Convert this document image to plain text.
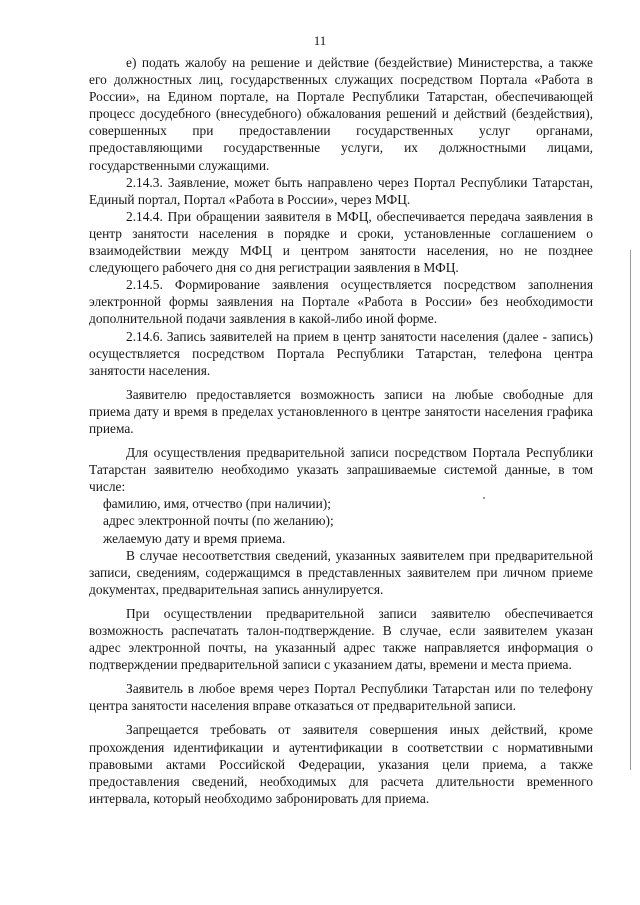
11

е) подать жалобу на решение и действие (бездействие) Министерства, а также его должностных лиц, государственных служащих посредством Портала «Работа в России», на Едином портале, на Портале Республики Татарстан, обеспечивающей процесс досудебного (внесудебного) обжалования решений и действий (бездействия), совершенных при предоставлении государственных услуг органами, предоставляющими государственные услуги, их должностными лицами, государственными служащими.

2.14.3. Заявление, может быть направлено через Портал Республики Татарстан, Единый портал, Портал «Работа в России», через МФЦ.

2.14.4. При обращении заявителя в МФЦ, обеспечивается передача заявления в центр занятости населения в порядке и сроки, установленные соглашением о взаимодействии между МФЦ и центром занятости населения, но не позднее следующего рабочего дня со дня регистрации заявления в МФЦ.

2.14.5. Формирование заявления осуществляется посредством заполнения электронной формы заявления на Портале «Работа в России» без необходимости дополнительной подачи заявления в какой-либо иной форме.

2.14.6. Запись заявителей на прием в центр занятости населения (далее - запись) осуществляется посредством Портала Республики Татарстан, телефона центра занятости населения.

Заявителю предоставляется возможность записи на любые свободные для приема дату и время в пределах установленного в центре занятости населения графика приема.

Для осуществления предварительной записи посредством Портала Республики Татарстан заявителю необходимо указать запрашиваемые системой данные, в том числе:

фамилию, имя, отчество (при наличии);

адрес электронной почты (по желанию);

желаемую дату и время приема.

В случае несоответствия сведений, указанных заявителем при предварительной записи, сведениям, содержащимся в представленных заявителем при личном приеме документах, предварительная запись аннулируется.

При осуществлении предварительной записи заявителю обеспечивается возможность распечатать талон-подтверждение. В случае, если заявителем указан адрес электронной почты, на указанный адрес также направляется информация о подтверждении предварительной записи с указанием даты, времени и места приема.

Заявитель в любое время через Портал Республики Татарстан или по телефону центра занятости населения вправе отказаться от предварительной записи.

Запрещается требовать от заявителя совершения иных действий, кроме прохождения идентификации и аутентификации в соответствии с нормативными правовыми актами Российской Федерации, указания цели приема, а также предоставления сведений, необходимых для расчета длительности временного интервала, который необходимо забронировать для приема.
